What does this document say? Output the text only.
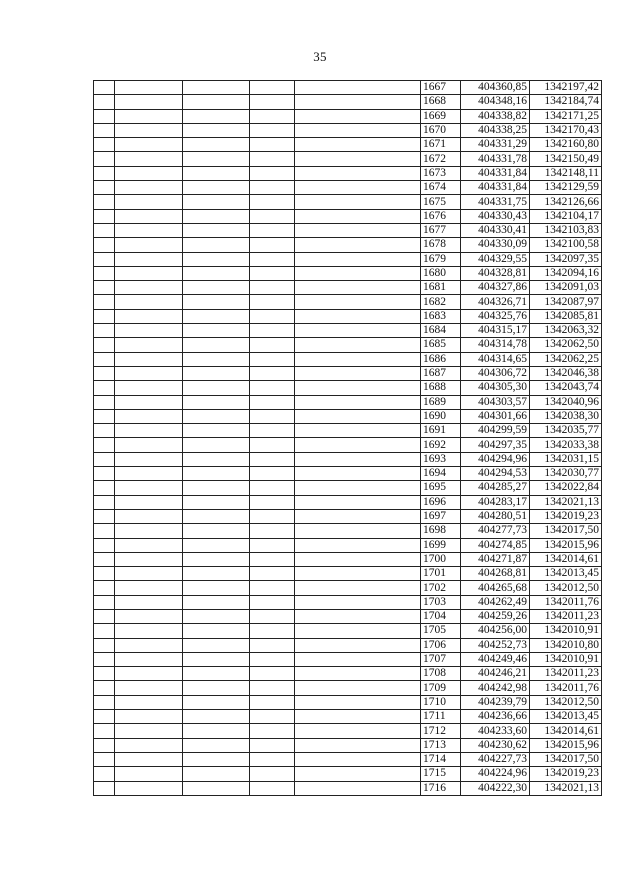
35
					1667	404360,85	1342197,42
					1668	404348,16	1342184,74
					1669	404338,82	1342171,25
					1670	404338,25	1342170,43
					1671	404331,29	1342160,80
					1672	404331,78	1342150,49
					1673	404331,84	1342148,11
					1674	404331,84	1342129,59
					1675	404331,75	1342126,66
					1676	404330,43	1342104,17
					1677	404330,41	1342103,83
					1678	404330,09	1342100,58
					1679	404329,55	1342097,35
					1680	404328,81	1342094,16
					1681	404327,86	1342091,03
					1682	404326,71	1342087,97
					1683	404325,76	1342085,81
					1684	404315,17	1342063,32
					1685	404314,78	1342062,50
					1686	404314,65	1342062,25
					1687	404306,72	1342046,38
					1688	404305,30	1342043,74
					1689	404303,57	1342040,96
					1690	404301,66	1342038,30
					1691	404299,59	1342035,77
					1692	404297,35	1342033,38
					1693	404294,96	1342031,15
					1694	404294,53	1342030,77
					1695	404285,27	1342022,84
					1696	404283,17	1342021,13
					1697	404280,51	1342019,23
					1698	404277,73	1342017,50
					1699	404274,85	1342015,96
					1700	404271,87	1342014,61
					1701	404268,81	1342013,45
					1702	404265,68	1342012,50
					1703	404262,49	1342011,76
					1704	404259,26	1342011,23
					1705	404256,00	1342010,91
					1706	404252,73	1342010,80
					1707	404249,46	1342010,91
					1708	404246,21	1342011,23
					1709	404242,98	1342011,76
					1710	404239,79	1342012,50
					1711	404236,66	1342013,45
					1712	404233,60	1342014,61
					1713	404230,62	1342015,96
					1714	404227,73	1342017,50
					1715	404224,96	1342019,23
					1716	404222,30	1342021,13
